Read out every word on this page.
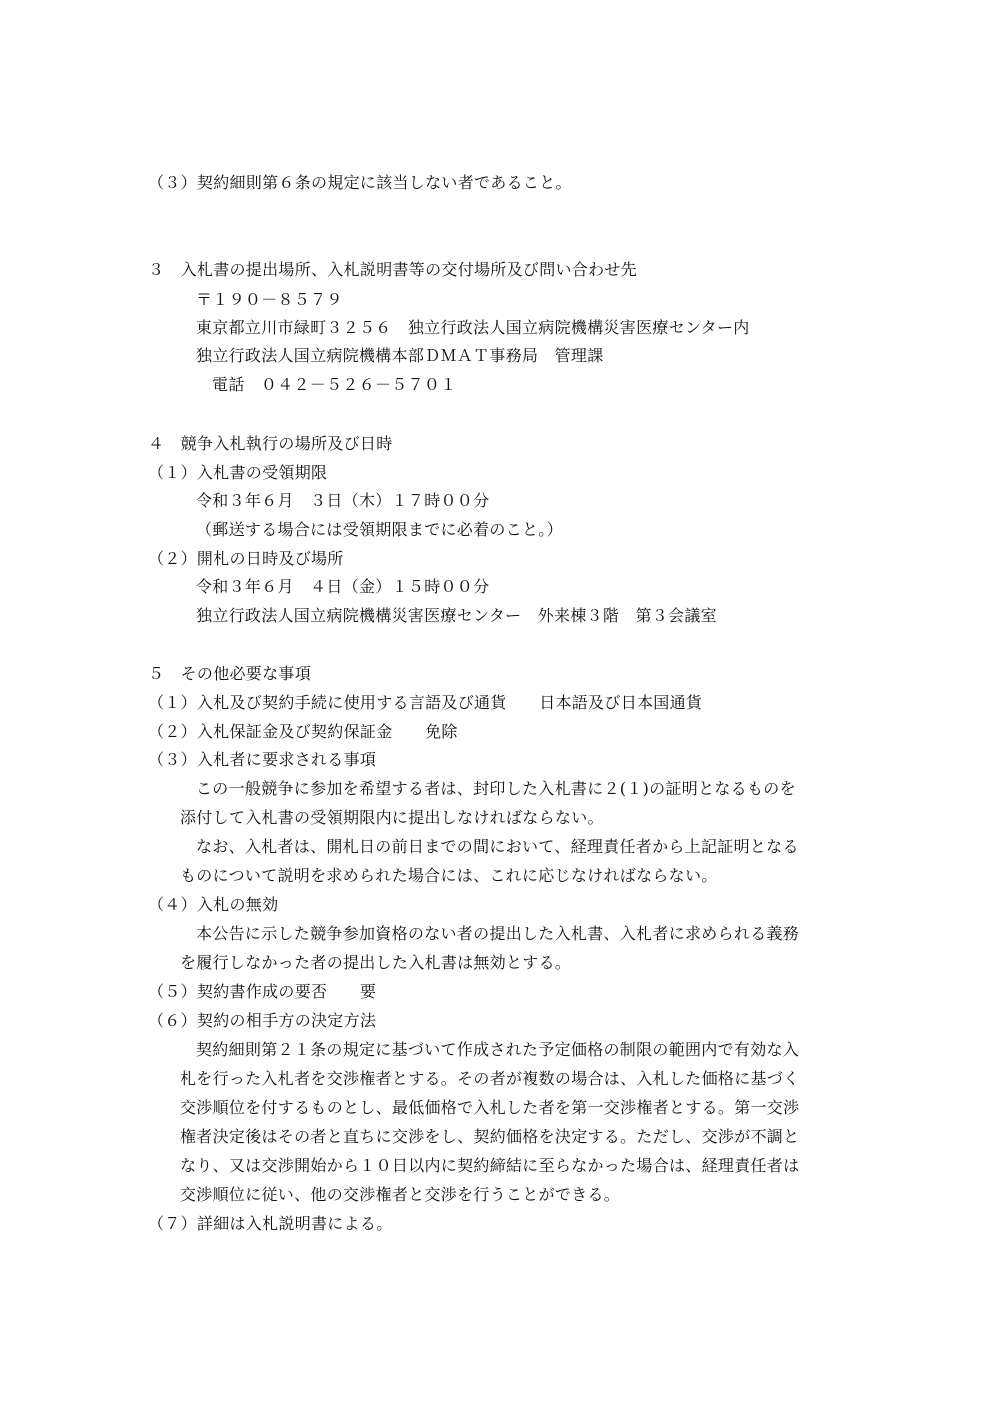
（３）契約細則第６条の規定に該当しない者であること。
３　入札書の提出場所、入札説明書等の交付場所及び問い合わせ先
〒１９０－８５７９
東京都立川市緑町３２５６　独立行政法人国立病院機構災害医療センター内
独立行政法人国立病院機構本部ＤＭＡＴ事務局　管理課
電話　０４２－５２６－５７０１
４　競争入札執行の場所及び日時
（１）入札書の受領期限
令和３年６月　３日（木）１７時００分
（郵送する場合には受領期限までに必着のこと。）
（２）開札の日時及び場所
令和３年６月　４日（金）１５時００分
独立行政法人国立病院機構災害医療センター　外来棟３階　第３会議室
５　その他必要な事項
（１）入札及び契約手続に使用する言語及び通貨　　日本語及び日本国通貨
（２）入札保証金及び契約保証金　　免除
（３）入札者に要求される事項
この一般競争に参加を希望する者は、封印した入札書に２(１)の証明となるものを
添付して入札書の受領期限内に提出しなければならない。
なお、入札者は、開札日の前日までの間において、経理責任者から上記証明となる
ものについて説明を求められた場合には、これに応じなければならない。
（４）入札の無効
本公告に示した競争参加資格のない者の提出した入札書、入札者に求められる義務
を履行しなかった者の提出した入札書は無効とする。
（５）契約書作成の要否　　要
（６）契約の相手方の決定方法
契約細則第２１条の規定に基づいて作成された予定価格の制限の範囲内で有効な入
札を行った入札者を交渉権者とする。その者が複数の場合は、入札した価格に基づく
交渉順位を付するものとし、最低価格で入札した者を第一交渉権者とする。第一交渉
権者決定後はその者と直ちに交渉をし、契約価格を決定する。ただし、交渉が不調と
なり、又は交渉開始から１０日以内に契約締結に至らなかった場合は、経理責任者は
交渉順位に従い、他の交渉権者と交渉を行うことができる。
（７）詳細は入札説明書による。
